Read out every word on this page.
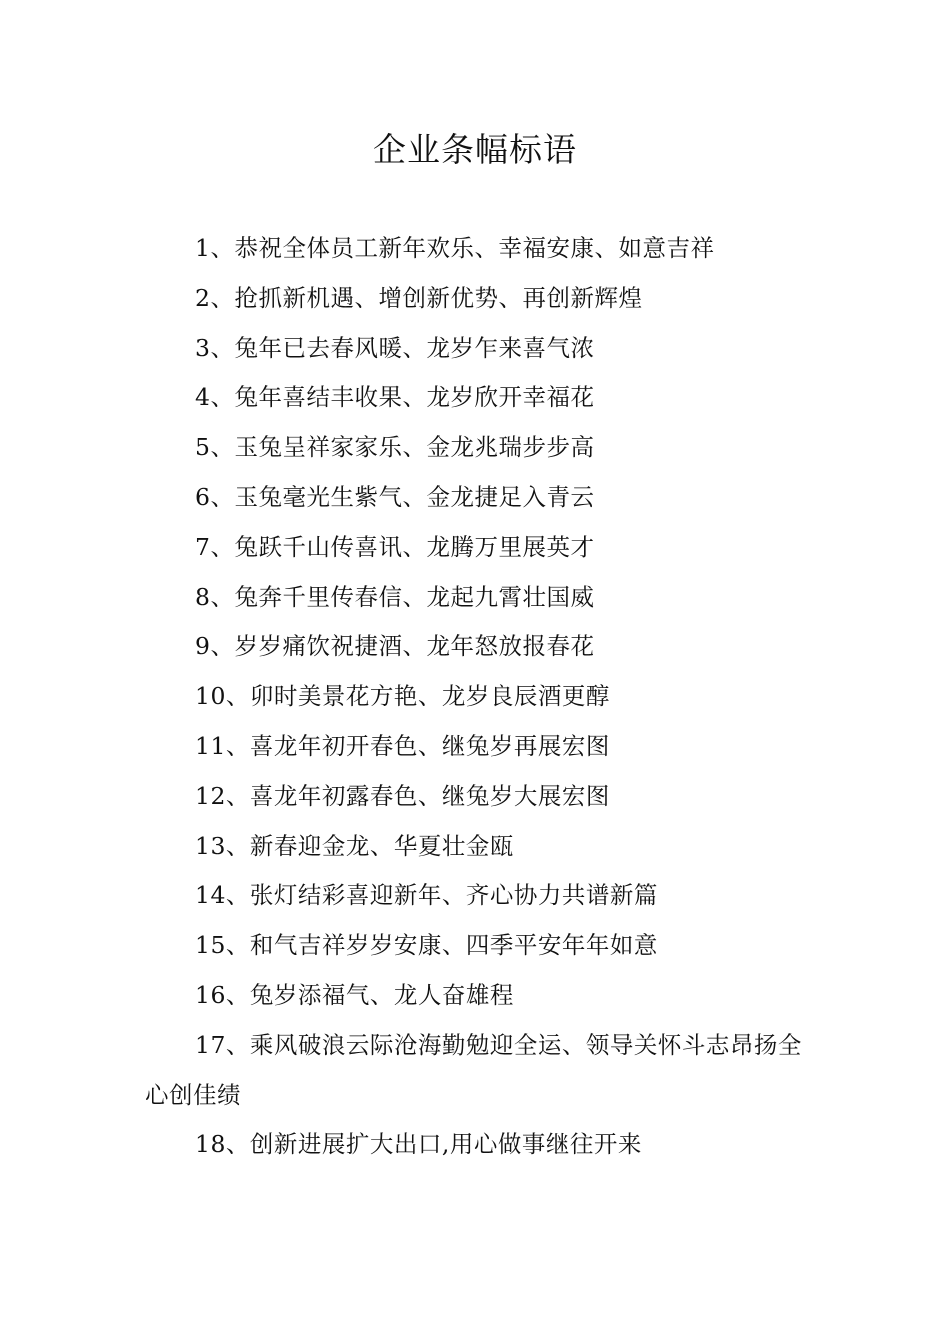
企业条幅标语
1、恭祝全体员工新年欢乐、幸福安康、如意吉祥
2、抢抓新机遇、增创新优势、再创新辉煌
3、兔年已去春风暖、龙岁乍来喜气浓
4、兔年喜结丰收果、龙岁欣开幸福花
5、玉兔呈祥家家乐、金龙兆瑞步步高
6、玉兔毫光生紫气、金龙捷足入青云
7、兔跃千山传喜讯、龙腾万里展英才
8、兔奔千里传春信、龙起九霄壮国威
9、岁岁痛饮祝捷酒、龙年怒放报春花
10、卯时美景花方艳、龙岁良辰酒更醇
11、喜龙年初开春色、继兔岁再展宏图
12、喜龙年初露春色、继兔岁大展宏图
13、新春迎金龙、华夏壮金瓯
14、张灯结彩喜迎新年、齐心协力共谱新篇
15、和气吉祥岁岁安康、四季平安年年如意
16、兔岁添福气、龙人奋雄程
17、乘风破浪云际沧海勤勉迎全运、领导关怀斗志昂扬全心创佳绩
18、创新进展扩大出口,用心做事继往开来
